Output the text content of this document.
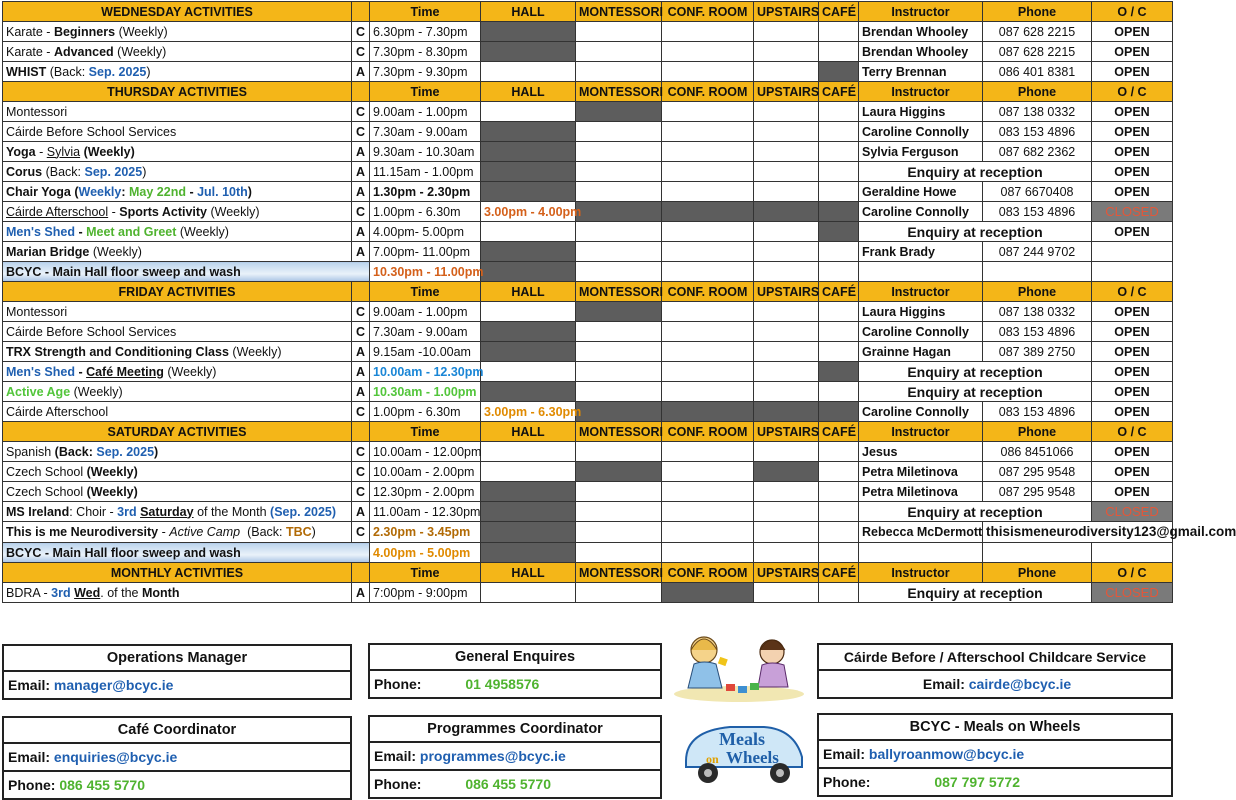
WEDNESDAY ACTIVITIES		Time	HALL	MONTESSORI	CONF. ROOM	UPSTAIRS	CAFÉ	Instructor	Phone	O / C
Karate - Beginners (Weekly)	C	6.30pm - 7.30pm						Brendan Whooley	087 628 2215	OPEN
Karate - Advanced (Weekly)	C	7.30pm - 8.30pm						Brendan Whooley	087 628 2215	OPEN
WHIST (Back: Sep. 2025)	A	7.30pm - 9.30pm						Terry Brennan	086 401 8381	OPEN
THURSDAY ACTIVITIES		Time	HALL	MONTESSORI	CONF. ROOM	UPSTAIRS	CAFÉ	Instructor	Phone	O / C
Montessori	C	9.00am - 1.00pm						Laura Higgins	087 138 0332	OPEN
Cáirde Before School Services	C	7.30am - 9.00am						Caroline Connolly	083 153 4896	OPEN
Yoga - Sylvia (Weekly)	A	9.30am - 10.30am						Sylvia Ferguson	087 682 2362	OPEN
Corus (Back: Sep. 2025)	A	11.15am - 1.00pm						Enquiry at reception		OPEN
Chair Yoga (Weekly: May 22nd - Jul. 10th)	A	1.30pm - 2.30pm						Geraldine Howe	087 6670408	OPEN
Cáirde Afterschool - Sports Activity (Weekly)	C	1.00pm - 6.30m	3.00pm - 4.00pm					Caroline Connolly	083 153 4896	CLOSED
Men's Shed - Meet and Greet (Weekly)	A	4.00pm- 5.00pm						Enquiry at reception		OPEN
Marian Bridge (Weekly)	A	7.00pm- 11.00pm						Frank Brady	087 244 9702	
BCYC - Main Hall floor sweep and wash		10.30pm - 11.00pm								
FRIDAY ACTIVITIES		Time	HALL	MONTESSORI	CONF. ROOM	UPSTAIRS	CAFÉ	Instructor	Phone	O / C
Montessori	C	9.00am - 1.00pm						Laura Higgins	087 138 0332	OPEN
Cáirde Before School Services	C	7.30am - 9.00am						Caroline Connolly	083 153 4896	OPEN
TRX Strength and Conditioning Class (Weekly)	A	9.15am -10.00am						Grainne Hagan	087 389 2750	OPEN
Men's Shed - Café Meeting (Weekly)	A	10.00am - 12.30pm						Enquiry at reception		OPEN
Active Age (Weekly)	A	10.30am - 1.00pm						Enquiry at reception		OPEN
Cáirde Afterschool	C	1.00pm - 6.30m	3.00pm - 6.30pm					Caroline Connolly	083 153 4896	OPEN
SATURDAY ACTIVITIES		Time	HALL	MONTESSORI	CONF. ROOM	UPSTAIRS	CAFÉ	Instructor	Phone	O / C
Spanish (Back: Sep. 2025)	C	10.00am - 12.00pm						Jesus	086 8451066	OPEN
Czech School (Weekly)	C	10.00am - 2.00pm						Petra Miletinova	087 295 9548	OPEN
Czech School (Weekly)	C	12.30pm - 2.00pm						Petra Miletinova	087 295 9548	OPEN
MS Ireland: Choir - 3rd Saturday of the Month (Sep. 2025)	A	11.00am - 12.30pm						Enquiry at reception		CLOSED
This is me Neurodiversity - Active Camp (Back: TBC)	C	2.30pm - 3.45pm						Rebecca McDermott	thisismeneurodiversity123@gmail.com	
BCYC - Main Hall floor sweep and wash		4.00pm - 5.00pm								
MONTHLY ACTIVITIES		Time	HALL	MONTESSORI	CONF. ROOM	UPSTAIRS	CAFÉ	Instructor	Phone	O / C
BDRA - 3rd Wed. of the Month	A	7:00pm - 9:00pm						Enquiry at reception		CLOSED
Operations Manager
Email: manager@bcyc.ie
General Enquires
Phone:	01 4958576
Cáirde Before / Afterschool Childcare Service
Email: cairde@bcyc.ie
Café Coordinator
Email: enquiries@bcyc.ie
Phone: 086 455 5770
Programmes Coordinator
Email: programmes@bcyc.ie
Phone:	086 455 5770
BCYC - Meals on Wheels
Email: ballyroanmow@bcyc.ie
Phone:	087 797 5772
Meals
on Wheels
